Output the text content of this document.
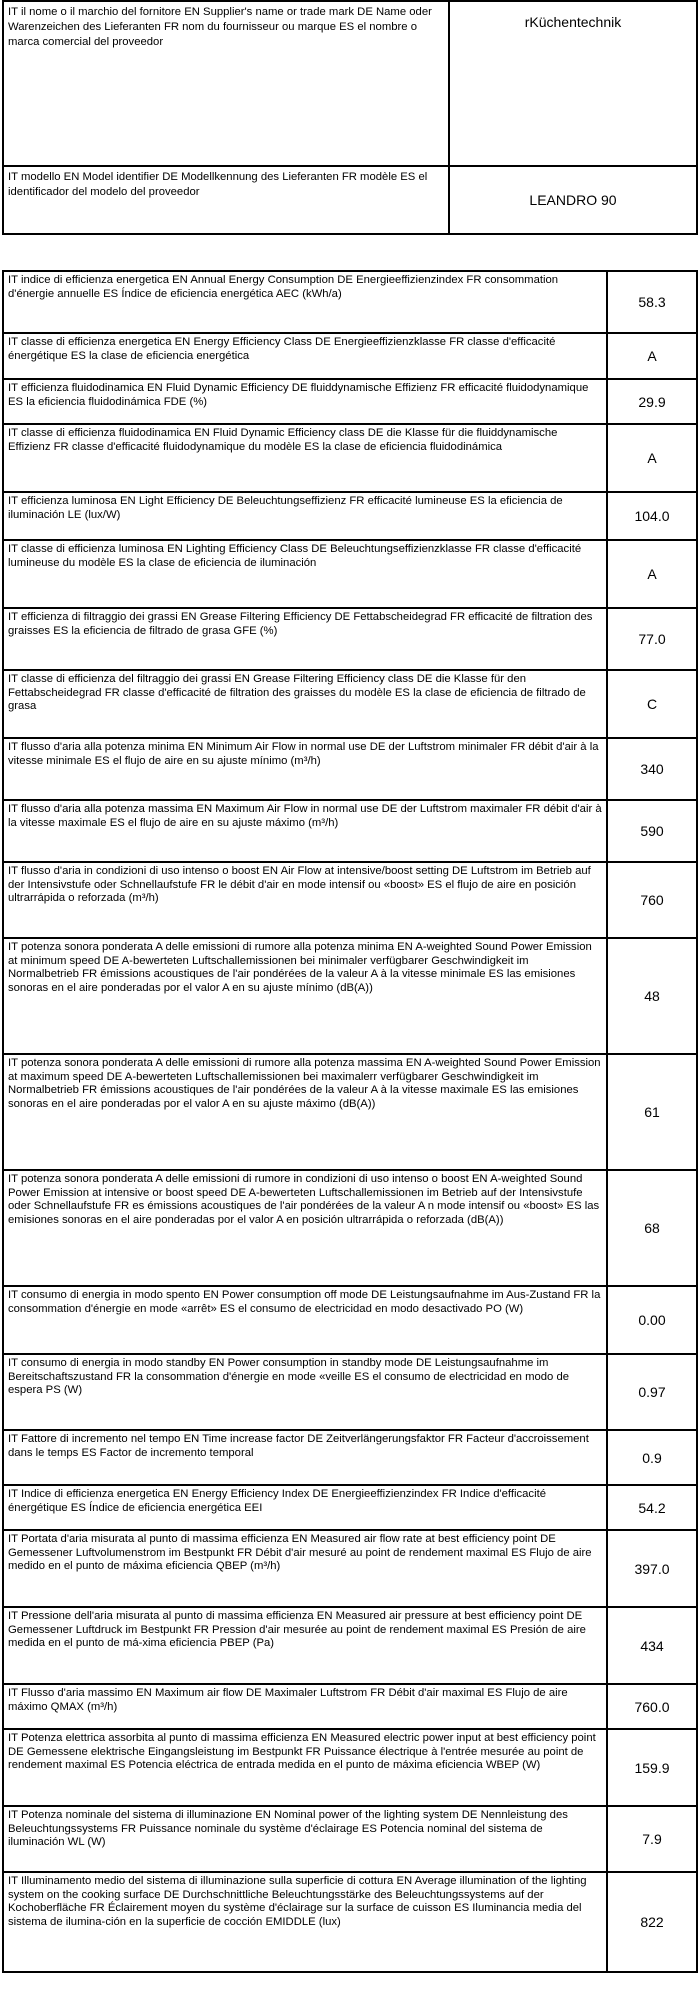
IT il nome o il marchio del fornitore EN Supplier's name or trade mark DE Name oder Warenzeichen des Lieferanten FR nom du fournisseur ou marque ES el nombre o marca comercial del proveedor	rKüchentechnik
IT modello EN Model identifier DE Modellkennung des Lieferanten FR modèle ES el identificador del modelo del proveedor	LEANDRO 90
IT indice di efficienza energetica EN Annual Energy Consumption DE Energieeffizienzindex FR consommation d'énergie annuelle ES Índice de eficiencia energética AEC (kWh/a)	58.3
IT classe di efficienza energetica EN Energy Efficiency Class DE Energieeffizienzklasse FR classe d'efficacité énergétique ES la clase de eficiencia energética	A
IT efficienza fluidodinamica EN Fluid Dynamic Efficiency DE fluiddynamische Effizienz FR efficacité fluidodynamique ES la eficiencia fluidodinámica FDE (%)	29.9
IT classe di efficienza fluidodinamica EN Fluid Dynamic Efficiency class DE die Klasse für die fluiddynamische Effizienz FR classe d'efficacité fluidodynamique du modèle ES la clase de eficiencia fluidodinámica	A
IT efficienza luminosa EN Light Efficiency DE Beleuchtungseffizienz FR efficacité lumineuse ES la eficiencia de iluminación LE (lux/W)	104.0
IT classe di efficienza luminosa EN Lighting Efficiency Class DE Beleuchtungseffizienzklasse FR classe d'efficacité lumineuse du modèle ES la clase de eficiencia de iluminación	A
IT efficienza di filtraggio dei grassi EN Grease Filtering Efficiency DE Fettabscheidegrad FR efficacité de filtration des graisses ES la eficiencia de filtrado de grasa GFE (%)	77.0
IT classe di efficienza del filtraggio dei grassi EN Grease Filtering Efficiency class DE die Klasse für den Fettabscheidegrad FR classe d'efficacité de filtration des graisses du modèle ES la clase de eficiencia de filtrado de grasa	C
IT flusso d'aria alla potenza minima EN Minimum Air Flow in normal use DE der Luftstrom minimaler FR débit d'air à la vitesse minimale ES el flujo de aire en su ajuste mínimo (m³/h)	340
IT flusso d'aria alla potenza massima EN Maximum Air Flow in normal use DE der Luftstrom maximaler FR débit d'air à la vitesse maximale ES el flujo de aire en su ajuste máximo (m³/h)	590
IT flusso d'aria in condizioni di uso intenso o boost EN Air Flow at intensive/boost setting DE Luftstrom im Betrieb auf der Intensivstufe oder Schnellaufstufe FR le débit d'air en mode intensif ou «boost» ES el flujo de aire en posición ultrarrápida o reforzada (m³/h)	760
IT potenza sonora ponderata A delle emissioni di rumore alla potenza minima EN A-weighted Sound Power Emission at minimum speed DE A-bewerteten Luftschallemissionen bei minimaler verfügbarer Geschwindigkeit im Normalbetrieb FR émissions acoustiques de l'air pondérées de la valeur A à la vitesse minimale ES las emisiones sonoras en el aire ponderadas por el valor A en su ajuste mínimo (dB(A))	48
IT potenza sonora ponderata A delle emissioni di rumore alla potenza massima EN A-weighted Sound Power Emission at maximum speed DE A-bewerteten Luftschallemissionen bei maximalerr verfügbarer Geschwindigkeit im Normalbetrieb FR émissions acoustiques de l'air pondérées de la valeur A à la vitesse maximale ES las emisiones sonoras en el aire ponderadas por el valor A en su ajuste máximo (dB(A))	61
IT potenza sonora ponderata A delle emissioni di rumore in condizioni di uso intenso o boost EN A-weighted Sound Power Emission at intensive or boost speed DE A-bewerteten Luftschallemissionen im Betrieb auf der Intensivstufe oder Schnellaufstufe FR es émissions acoustiques de l'air pondérées de la valeur A n mode intensif ou «boost» ES las emisiones sonoras en el aire ponderadas por el valor A en posición ultrarrápida o reforzada (dB(A))	68
IT consumo di energia in modo spento EN Power consumption off mode DE Leistungsaufnahme im Aus-Zustand FR la consommation d'énergie en mode «arrêt» ES el consumo de electricidad en modo desactivado PO (W)	0.00
IT consumo di energia in modo standby EN Power consumption in standby mode DE Leistungsaufnahme im Bereitschaftszustand FR la consommation d'énergie en mode «veille ES el consumo de electricidad en modo de espera PS (W)	0.97
IT Fattore di incremento nel tempo EN Time increase factor DE Zeitverlängerungsfaktor FR Facteur d'accroissement dans le temps ES Factor de incremento temporal	0.9
IT Indice di efficienza energetica EN Energy Efficiency Index DE Energieeffizienzindex FR Indice d'efficacité énergétique ES Índice de eficiencia energética EEI	54.2
IT Portata d'aria misurata al punto di massima efficienza EN Measured air flow rate at best efficiency point DE Gemessener Luftvolumenstrom im Bestpunkt FR Débit d'air mesuré au point de rendement maximal ES Flujo de aire medido en el punto de máxima eficiencia QBEP (m³/h)	397.0
IT Pressione dell'aria misurata al punto di massima efficienza EN Measured air pressure at best efficiency point DE Gemessener Luftdruck im Bestpunkt FR Pression d'air mesurée au point de rendement maximal ES Presión de aire medida en el punto de má-xima eficiencia PBEP (Pa)	434
IT Flusso d'aria massimo EN Maximum air flow DE Maximaler Luftstrom FR Débit d'air maximal ES Flujo de aire máximo QMAX (m³/h)	760.0
IT Potenza elettrica assorbita al punto di massima efficienza EN Measured electric power input at best efficiency point DE Gemessene elektrische Eingangsleistung im Bestpunkt FR Puissance électrique à l'entrée mesurée au point de rendement maximal ES Potencia eléctrica de entrada medida en el punto de máxima eficiencia WBEP (W)	159.9
IT Potenza nominale del sistema di illuminazione EN Nominal power of the lighting system DE Nennleistung des Beleuchtungssystems FR Puissance nominale du système d'éclairage ES Potencia nominal del sistema de iluminación WL (W)	7.9
IT Illuminamento medio del sistema di illuminazione sulla superficie di cottura EN Average illumination of the lighting system on the cooking surface DE Durchschnittliche Beleuchtungsstärke des Beleuchtungssystems auf der Kochoberfläche FR Éclairement moyen du système d'éclairage sur la surface de cuisson ES Iluminancia media del sistema de ilumina-ción en la superficie de cocción EMIDDLE (lux)	822
